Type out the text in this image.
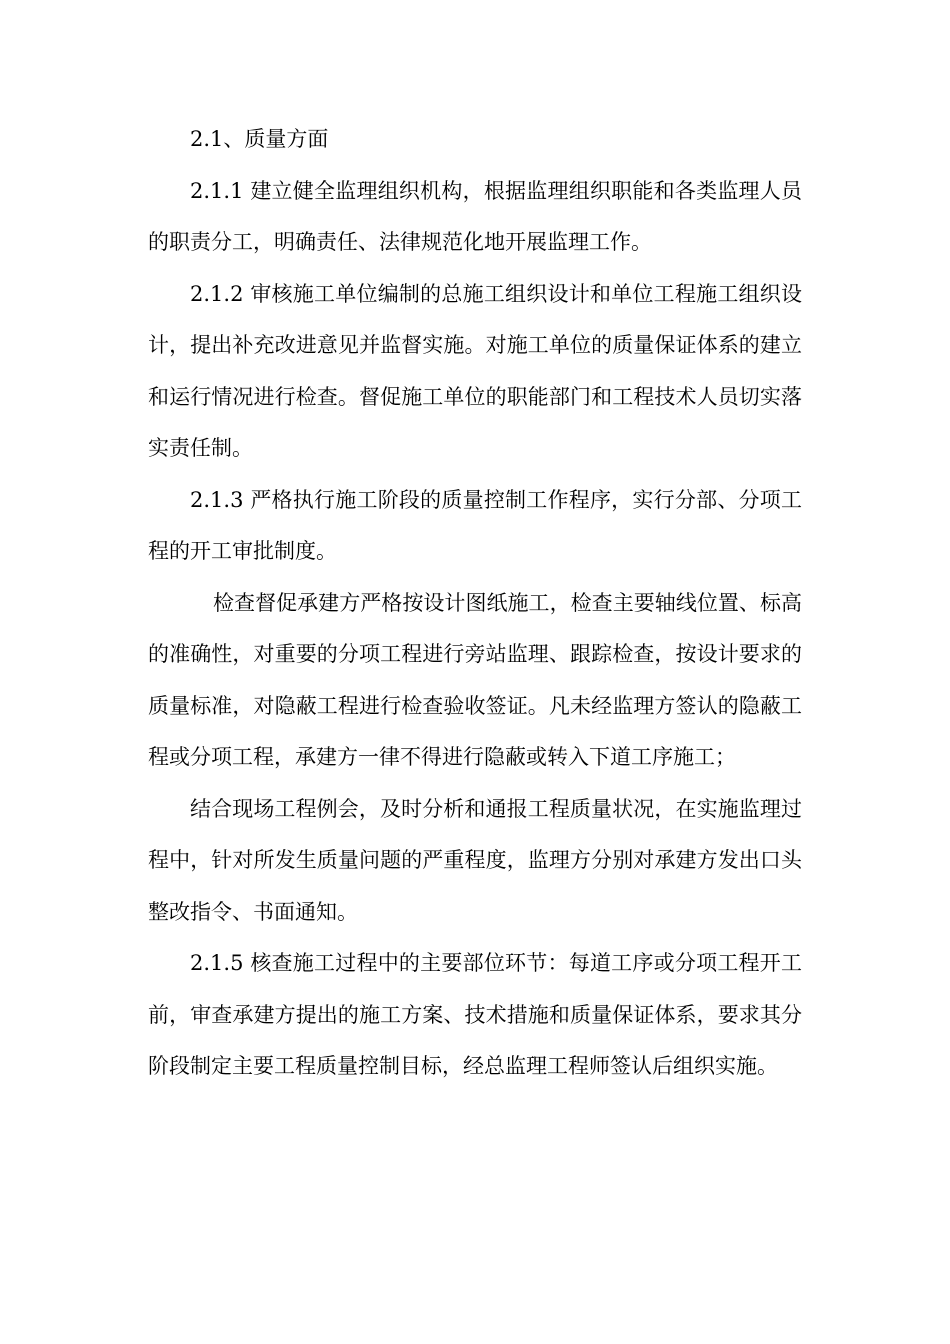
2.1、质量方面

2.1.1 建立健全监理组织机构，根据监理组织职能和各类监理人员的职责分工，明确责任、法律规范化地开展监理工作。

2.1.2 审核施工单位编制的总施工组织设计和单位工程施工组织设计，提出补充改进意见并监督实施。对施工单位的质量保证体系的建立和运行情况进行检查。督促施工单位的职能部门和工程技术人员切实落实责任制。

2.1.3 严格执行施工阶段的质量控制工作程序，实行分部、分项工程的开工审批制度。

检查督促承建方严格按设计图纸施工，检查主要轴线位置、标高的准确性，对重要的分项工程进行旁站监理、跟踪检查，按设计要求的质量标准，对隐蔽工程进行检查验收签证。凡未经监理方签认的隐蔽工程或分项工程，承建方一律不得进行隐蔽或转入下道工序施工；

结合现场工程例会，及时分析和通报工程质量状况，在实施监理过程中，针对所发生质量问题的严重程度，监理方分别对承建方发出口头整改指令、书面通知。

2.1.5 核查施工过程中的主要部位环节：每道工序或分项工程开工前，审查承建方提出的施工方案、技术措施和质量保证体系，要求其分阶段制定主要工程质量控制目标，经总监理工程师签认后组织实施。
